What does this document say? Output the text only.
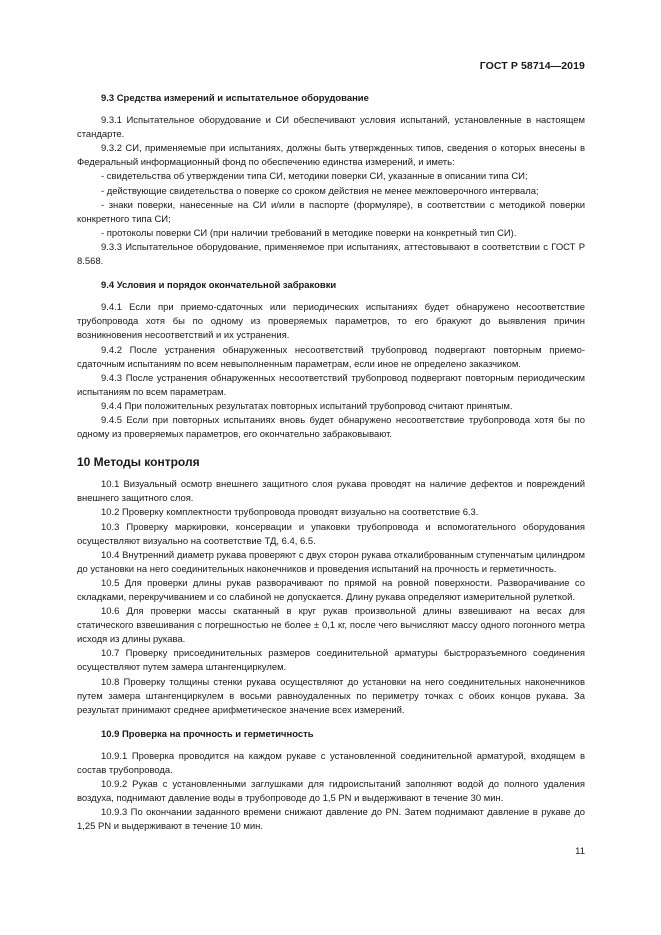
ГОСТ Р 58714—2019

9.3 Средства измерений и испытательное оборудование

9.3.1 Испытательное оборудование и СИ обеспечивают условия испытаний, установленные в настоящем стандарте.

9.3.2 СИ, применяемые при испытаниях, должны быть утвержденных типов, сведения о которых внесены в Федеральный информационный фонд по обеспечению единства измерений, и иметь:

- свидетельства об утверждении типа СИ, методики поверки СИ, указанные в описании типа СИ;

- действующие свидетельства о поверке со сроком действия не менее межповерочного интервала;

- знаки поверки, нанесенные на СИ и/или в паспорте (формуляре), в соответствии с методикой поверки конкретного типа СИ;

- протоколы поверки СИ (при наличии требований в методике поверки на конкретный тип СИ).

9.3.3 Испытательное оборудование, применяемое при испытаниях, аттестовывают в соответствии с ГОСТ Р 8.568.

9.4 Условия и порядок окончательной забраковки

9.4.1 Если при приемо-сдаточных или периодических испытаниях будет обнаружено несоответствие трубопровода хотя бы по одному из проверяемых параметров, то его бракуют до выявления причин возникновения несоответствий и их устранения.

9.4.2 После устранения обнаруженных несоответствий трубопровод подвергают повторным приемо-сдаточным испытаниям по всем невыполненным параметрам, если иное не определено заказчиком.

9.4.3 После устранения обнаруженных несоответствий трубопровод подвергают повторным периодическим испытаниям по всем параметрам.

9.4.4 При положительных результатах повторных испытаний трубопровод считают принятым.

9.4.5 Если при повторных испытаниях вновь будет обнаружено несоответствие трубопровода хотя бы по одному из проверяемых параметров, его окончательно забраковывают.

10 Методы контроля

10.1 Визуальный осмотр внешнего защитного слоя рукава проводят на наличие дефектов и повреждений внешнего защитного слоя.

10.2 Проверку комплектности трубопровода проводят визуально на соответствие 6.3.

10.3 Проверку маркировки, консервации и упаковки трубопровода и вспомогательного оборудования осуществляют визуально на соответствие ТД, 6.4, 6.5.

10.4 Внутренний диаметр рукава проверяют с двух сторон рукава откалиброванным ступенчатым цилиндром до установки на него соединительных наконечников и проведения испытаний на прочность и герметичность.

10.5 Для проверки длины рукав разворачивают по прямой на ровной поверхности. Разворачивание со складками, перекручиванием и со слабиной не допускается. Длину рукава определяют измерительной рулеткой.

10.6 Для проверки массы скатанный в круг рукав произвольной длины взвешивают на весах для статического взвешивания с погрешностью не более ± 0,1 кг, после чего вычисляют массу одного погонного метра исходя из длины рукава.

10.7 Проверку присоединительных размеров соединительной арматуры быстроразъемного соединения осуществляют путем замера штангенциркулем.

10.8 Проверку толщины стенки рукава осуществляют до установки на него соединительных наконечников путем замера штангенциркулем в восьми равноудаленных по периметру точках с обоих концов рукава. За результат принимают среднее арифметическое значение всех измерений.

10.9 Проверка на прочность и герметичность

10.9.1 Проверка проводится на каждом рукаве с установленной соединительной арматурой, входящем в состав трубопровода.

10.9.2 Рукав с установленными заглушками для гидроиспытаний заполняют водой до полного удаления воздуха, поднимают давление воды в трубопроводе до 1,5 PN и выдерживают в течение 30 мин.

10.9.3 По окончании заданного времени снижают давление до PN. Затем поднимают давление в рукаве до 1,25 PN и выдерживают в течение 10 мин.

11
